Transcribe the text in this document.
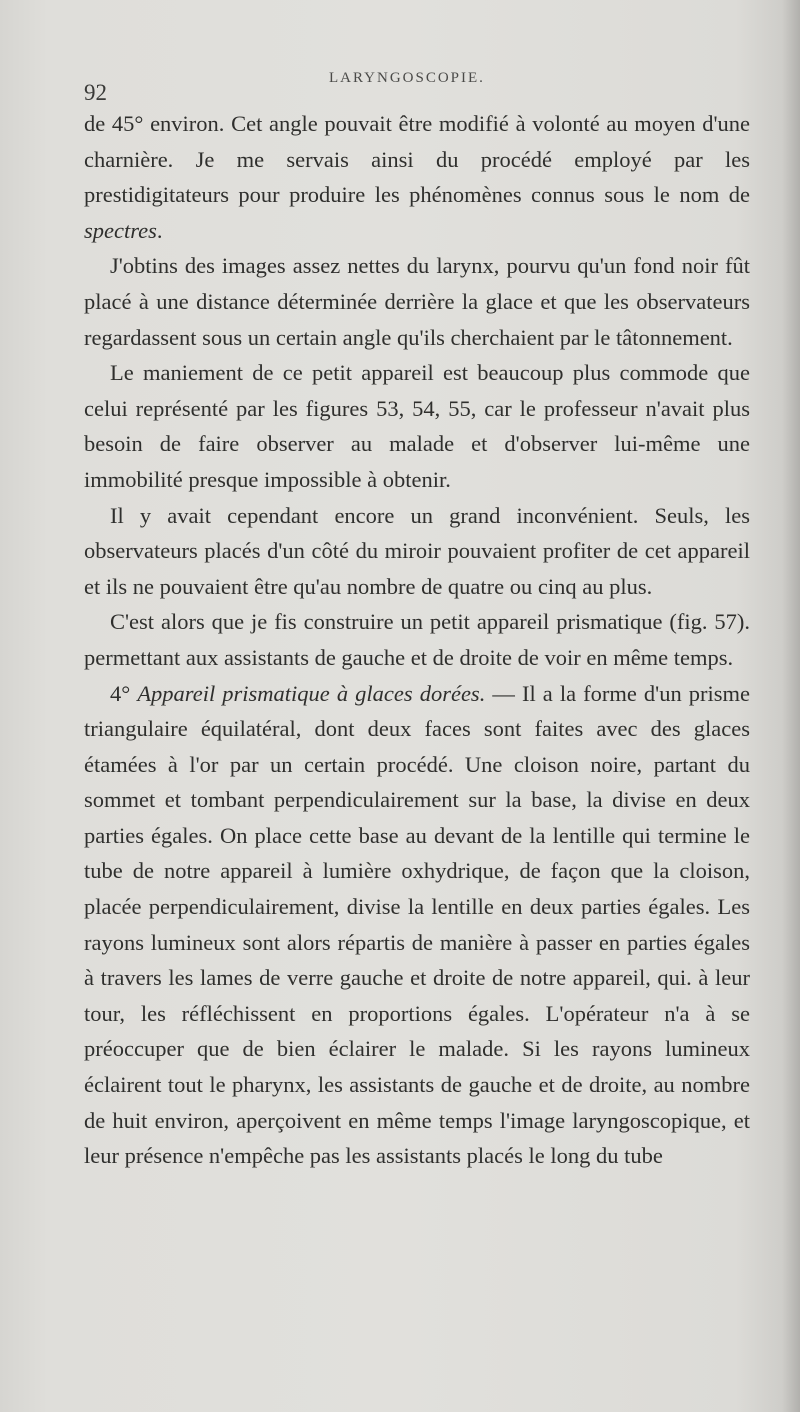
92
LARYNGOSCOPIE.

de 45° environ. Cet angle pouvait être modifié à volonté au moyen d'une charnière. Je me servais ainsi du procédé employé par les prestidigitateurs pour produire les phénomènes connus sous le nom de spectres.

J'obtins des images assez nettes du larynx, pourvu qu'un fond noir fût placé à une distance déterminée derrière la glace et que les observateurs regardassent sous un certain angle qu'ils cherchaient par le tâtonnement.

Le maniement de ce petit appareil est beaucoup plus commode que celui représenté par les figures 53, 54, 55, car le professeur n'avait plus besoin de faire observer au malade et d'observer lui-même une immobilité presque impossible à obtenir.

Il y avait cependant encore un grand inconvénient. Seuls, les observateurs placés d'un côté du miroir pouvaient profiter de cet appareil et ils ne pouvaient être qu'au nombre de quatre ou cinq au plus.

C'est alors que je fis construire un petit appareil prismatique (fig. 57). permettant aux assistants de gauche et de droite de voir en même temps.

4° Appareil prismatique à glaces dorées. — Il a la forme d'un prisme triangulaire équilatéral, dont deux faces sont faites avec des glaces étamées à l'or par un certain procédé. Une cloison noire, partant du sommet et tombant perpendiculairement sur la base, la divise en deux parties égales. On place cette base au devant de la lentille qui termine le tube de notre appareil à lumière oxhydrique, de façon que la cloison, placée perpendiculairement, divise la lentille en deux parties égales. Les rayons lumineux sont alors répartis de manière à passer en parties égales à travers les lames de verre gauche et droite de notre appareil, qui. à leur tour, les réfléchissent en proportions égales. L'opérateur n'a à se préoccuper que de bien éclairer le malade. Si les rayons lumineux éclairent tout le pharynx, les assistants de gauche et de droite, au nombre de huit environ, aperçoivent en même temps l'image laryngoscopique, et leur présence n'empêche pas les assistants placés le long du tube
